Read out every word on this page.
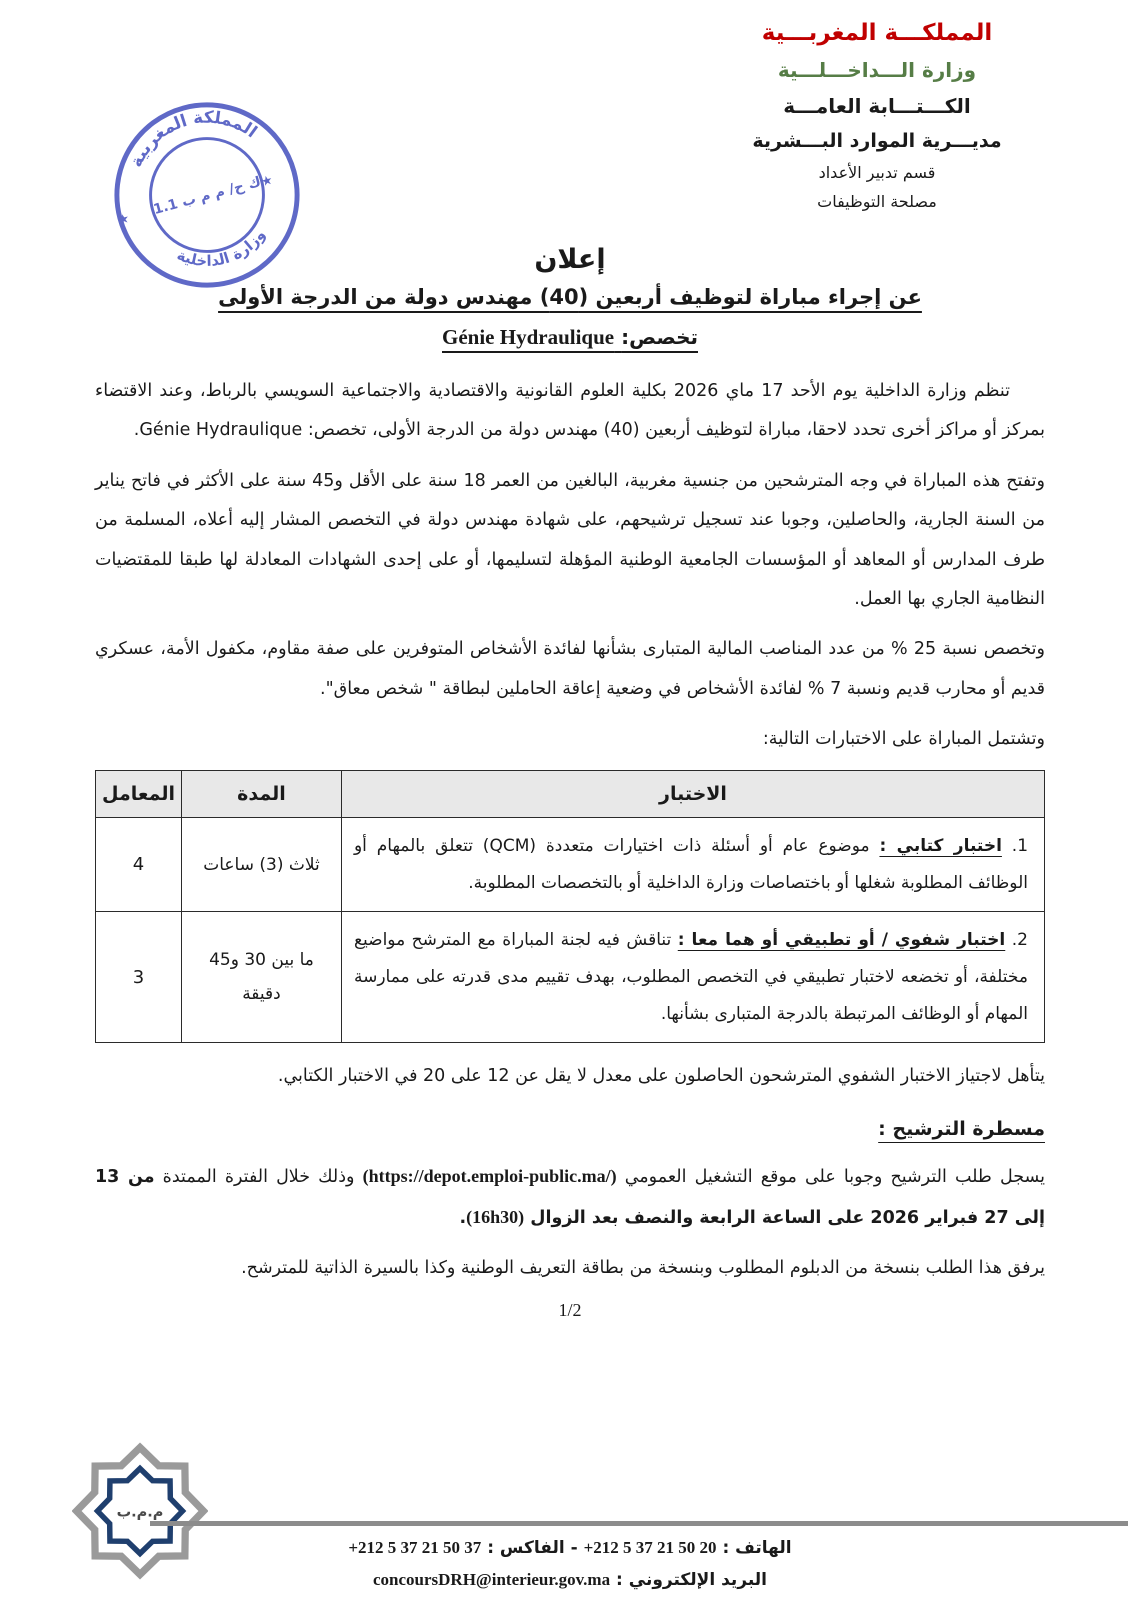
المملكـــة المغربـــية
وزارة الـــداخـــلـــية
الكـــتـــابة العامـــة
مديـــرية الموارد البـــشرية
قسم تدبير الأعداد
مصلحة التوظيفات
المملكة المغربية
وزارة الداخلية
ك ح/ م م ب 1.1
★
★
إعلان
عن إجراء مباراة لتوظيف أربعين (40) مهندس دولة من الدرجة الأولى
تخصص: Génie Hydraulique

تنظم وزارة الداخلية يوم الأحد 17 ماي 2026 بكلية العلوم القانونية والاقتصادية والاجتماعية السويسي بالرباط، وعند الاقتضاء بمركز أو مراكز أخرى تحدد لاحقا، مباراة لتوظيف أربعين (40) مهندس دولة من الدرجة الأولى، تخصص: Génie Hydraulique.

وتفتح هذه المباراة في وجه المترشحين من جنسية مغربية، البالغين من العمر 18 سنة على الأقل و45 سنة على الأكثر في فاتح يناير من السنة الجارية، والحاصلين، وجوبا عند تسجيل ترشيحهم، على شهادة مهندس دولة في التخصص المشار إليه أعلاه، المسلمة من طرف المدارس أو المعاهد أو المؤسسات الجامعية الوطنية المؤهلة لتسليمها، أو على إحدى الشهادات المعادلة لها طبقا للمقتضيات النظامية الجاري بها العمل.

وتخصص نسبة 25 % من عدد المناصب المالية المتبارى بشأنها لفائدة الأشخاص المتوفرين على صفة مقاوم، مكفول الأمة، عسكري قديم أو محارب قديم ونسبة 7 % لفائدة الأشخاص في وضعية إعاقة الحاملين لبطاقة " شخص معاق".

وتشتمل المباراة على الاختبارات التالية:

الاختبار	المدة	المعامل
1. اختبار كتابي : موضوع عام أو أسئلة ذات اختيارات متعددة (QCM) تتعلق بالمهام أو الوظائف المطلوبة شغلها أو باختصاصات وزارة الداخلية أو بالتخصصات المطلوبة.	ثلاث (3) ساعات	4
2. اختبار شفوي / أو تطبيقي أو هما معا : تناقش فيه لجنة المباراة مع المترشح مواضيع مختلفة، أو تخضعه لاختبار تطبيقي في التخصص المطلوب، بهدف تقييم مدى قدرته على ممارسة المهام أو الوظائف المرتبطة بالدرجة المتبارى بشأنها.	ما بين 30 و45 دقيقة	3

يتأهل لاجتياز الاختبار الشفوي المترشحون الحاصلون على معدل لا يقل عن 12 على 20 في الاختبار الكتابي.

مسطرة الترشيح :

يسجل طلب الترشيح وجوبا على موقع التشغيل العمومي (https://depot.emploi-public.ma/) وذلك خلال الفترة الممتدة من 13 إلى 27 فبراير 2026 على الساعة الرابعة والنصف بعد الزوال (16h30).

يرفق هذا الطلب بنسخة من الدبلوم المطلوب وبنسخة من بطاقة التعريف الوطنية وكذا بالسيرة الذاتية للمترشح.

1/2
م.م.ب
الهاتف : +212 5 37 21 50 20 - الفاكس : +212 5 37 21 50 37
البريد الإلكتروني : concoursDRH@interieur.gov.ma
